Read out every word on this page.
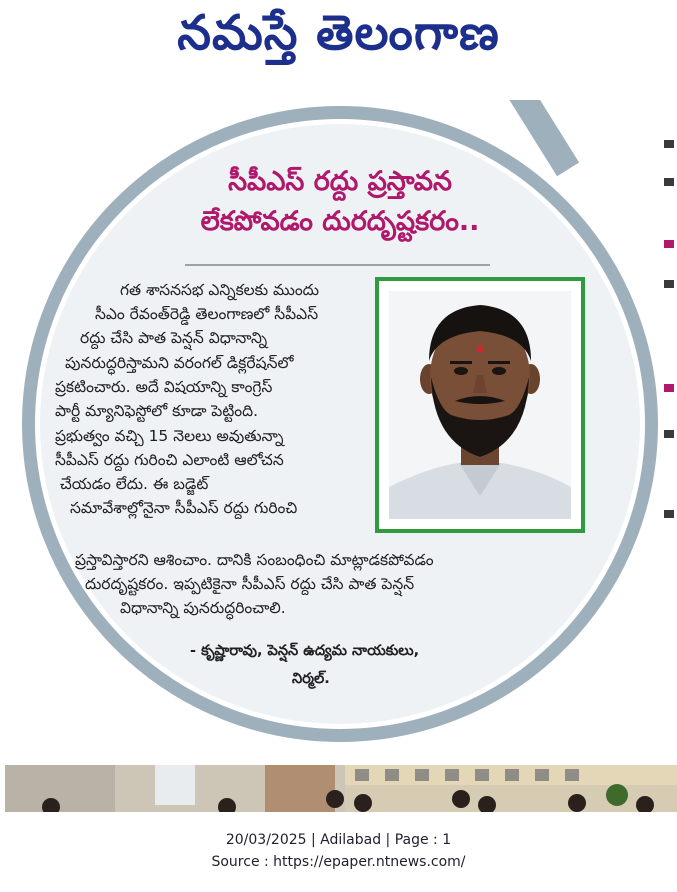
నమస్తే తెలంగాణ
సీపీఎస్ రద్దు ప్రస్తావన
లేకపోవడం దురదృష్టకరం..
గత శాసనసభ ఎన్నికలకు ముందు
సీఎం రేవంత్‌రెడ్డి తెలంగాణలో సీపీఎస్
రద్దు చేసి పాత పెన్షన్ విధానాన్ని
పునరుద్ధరిస్తామని వరంగల్ డిక్లరేషన్‌లో
ప్రకటించారు. అదే విషయాన్ని కాంగ్రెస్
పార్టీ మ్యానిఫెస్టోలో కూడా పెట్టింది.
ప్రభుత్వం వచ్చి 15 నెలలు అవుతున్నా
సీపీఎస్ రద్దు గురించి ఎలాంటి ఆలోచన
చేయడం లేదు. ఈ బడ్జెట్
సమావేశాల్లోనైనా సీపీఎస్ రద్దు గురించి
ప్రస్తావిస్తారని ఆశించాం. దానికి సంబంధించి మాట్లాడకపోవడం
దురదృష్టకరం. ఇప్పటికైనా సీపీఎస్ రద్దు చేసి పాత పెన్షన్
విధానాన్ని పునరుద్ధరించాలి.
- కృష్ణారావు, పెన్షన్ ఉద్యమ నాయకులు,
నిర్మల్.
20/03/2025 | Adilabad | Page : 1
Source : https://epaper.ntnews.com/
